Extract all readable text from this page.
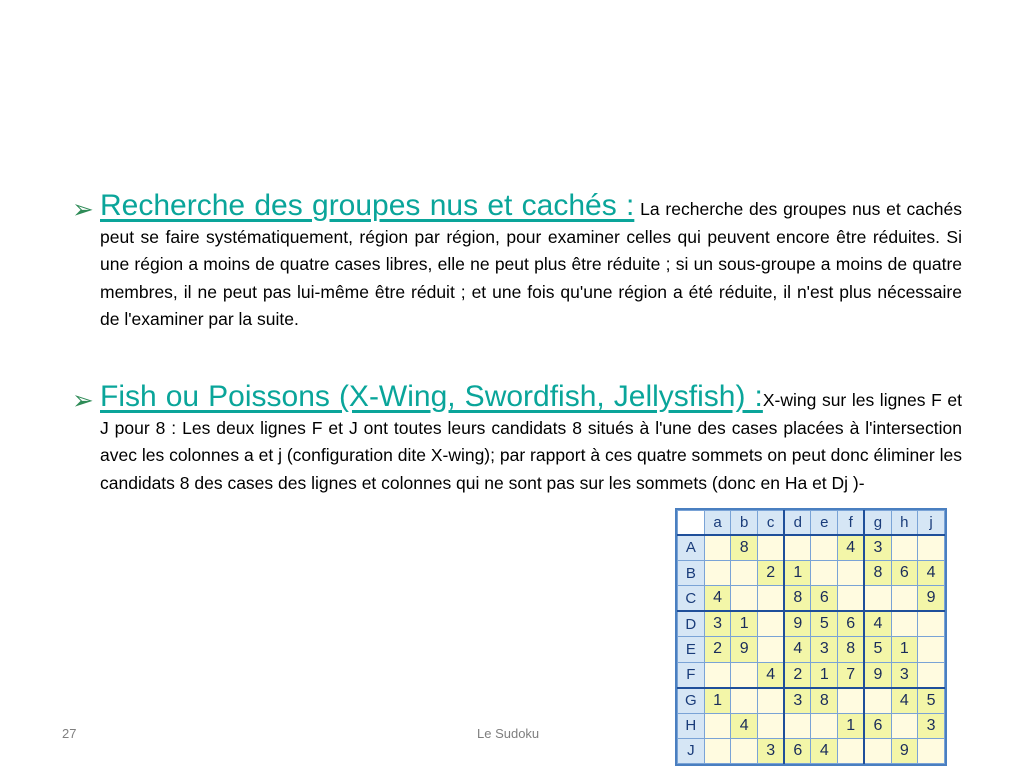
➢ Recherche des groupes nus et cachés : La recherche des groupes nus et cachés peut se faire systématiquement, région par région, pour examiner celles qui peuvent encore être réduites. Si une région a moins de quatre cases libres, elle ne peut plus être réduite ; si un sous-groupe a moins de quatre membres, il ne peut pas lui-même être réduit ; et une fois qu'une région a été réduite, il n'est plus nécessaire de l'examiner par la suite.
➢ Fish ou Poissons (X-Wing, Swordfish, Jellysfish) :X-wing sur les lignes F et J pour 8 : Les deux lignes F et J ont toutes leurs candidats 8 situés à l'une des cases placées à l'intersection avec les colonnes a et j (configuration dite X-wing); par rapport à ces quatre sommets on peut donc éliminer les candidats 8 des cases des lignes et colonnes qui ne sont pas sur les sommets (donc en Ha et Dj )-
	a	b	c	d	e	f	g	h	j
A		8				4	3		
B			2	1			8	6	4
C	4			8	6				9
D	3	1		9	5	6	4		
E	2	9		4	3	8	5	1	
F			4	2	1	7	9	3	
G	1			3	8			4	5
H		4				1	6		3
J			3	6	4			9	
27	Le Sudoku
